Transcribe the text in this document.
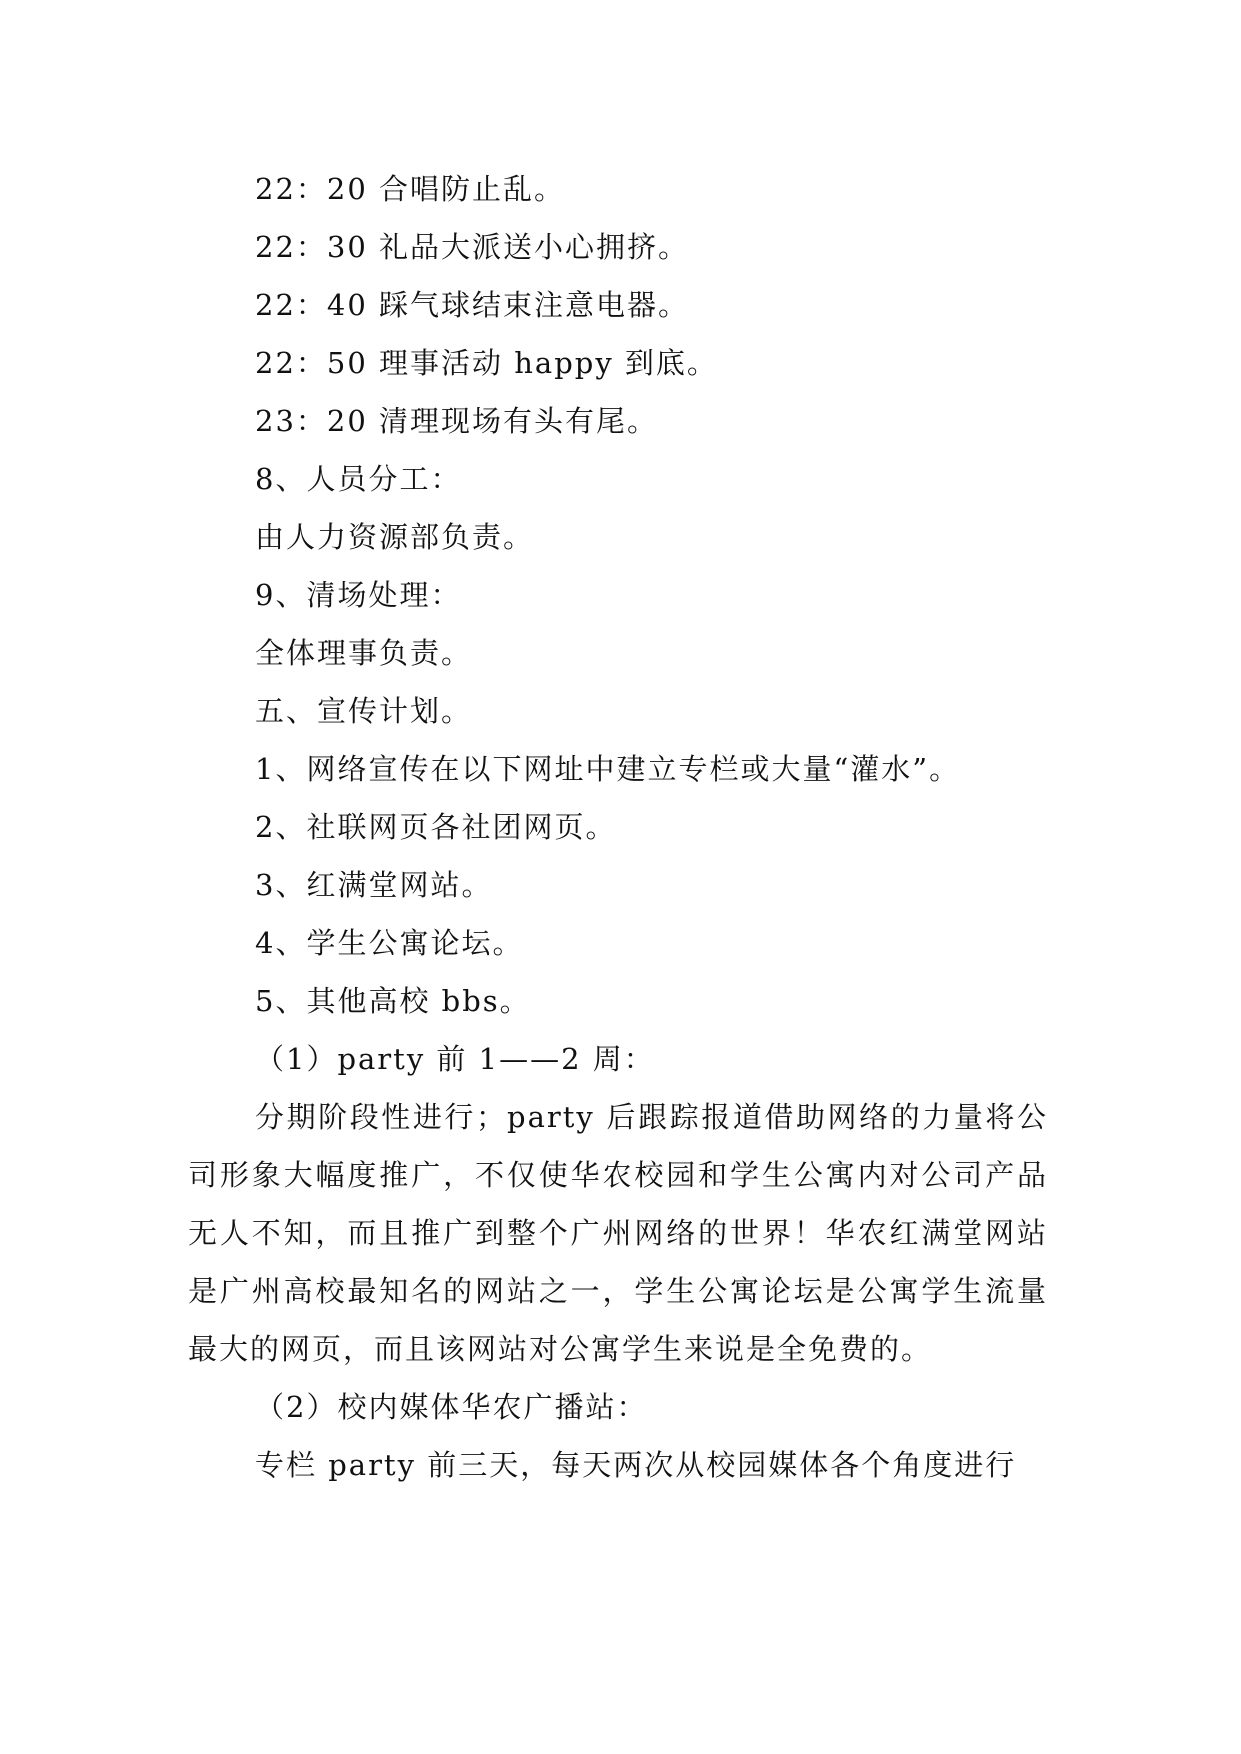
22：20 合唱防止乱。
22：30 礼品大派送小心拥挤。
22：40 踩气球结束注意电器。
22：50 理事活动 happy 到底。
23：20 清理现场有头有尾。
8、人员分工：
由人力资源部负责。
9、清场处理：
全体理事负责。
五、宣传计划。
1、网络宣传在以下网址中建立专栏或大量“灌水”。
2、社联网页各社团网页。
3、红满堂网站。
4、学生公寓论坛。
5、其他高校 bbs。
（1）party 前 1——2 周：

分期阶段性进行；party 后跟踪报道借助网络的力量将公司形象大幅度推广，不仅使华农校园和学生公寓内对公司产品无人不知，而且推广到整个广州网络的世界！华农红满堂网站是广州高校最知名的网站之一，学生公寓论坛是公寓学生流量最大的网页，而且该网站对公寓学生来说是全免费的。

（2）校内媒体华农广播站：

专栏 party 前三天，每天两次从校园媒体各个角度进行
